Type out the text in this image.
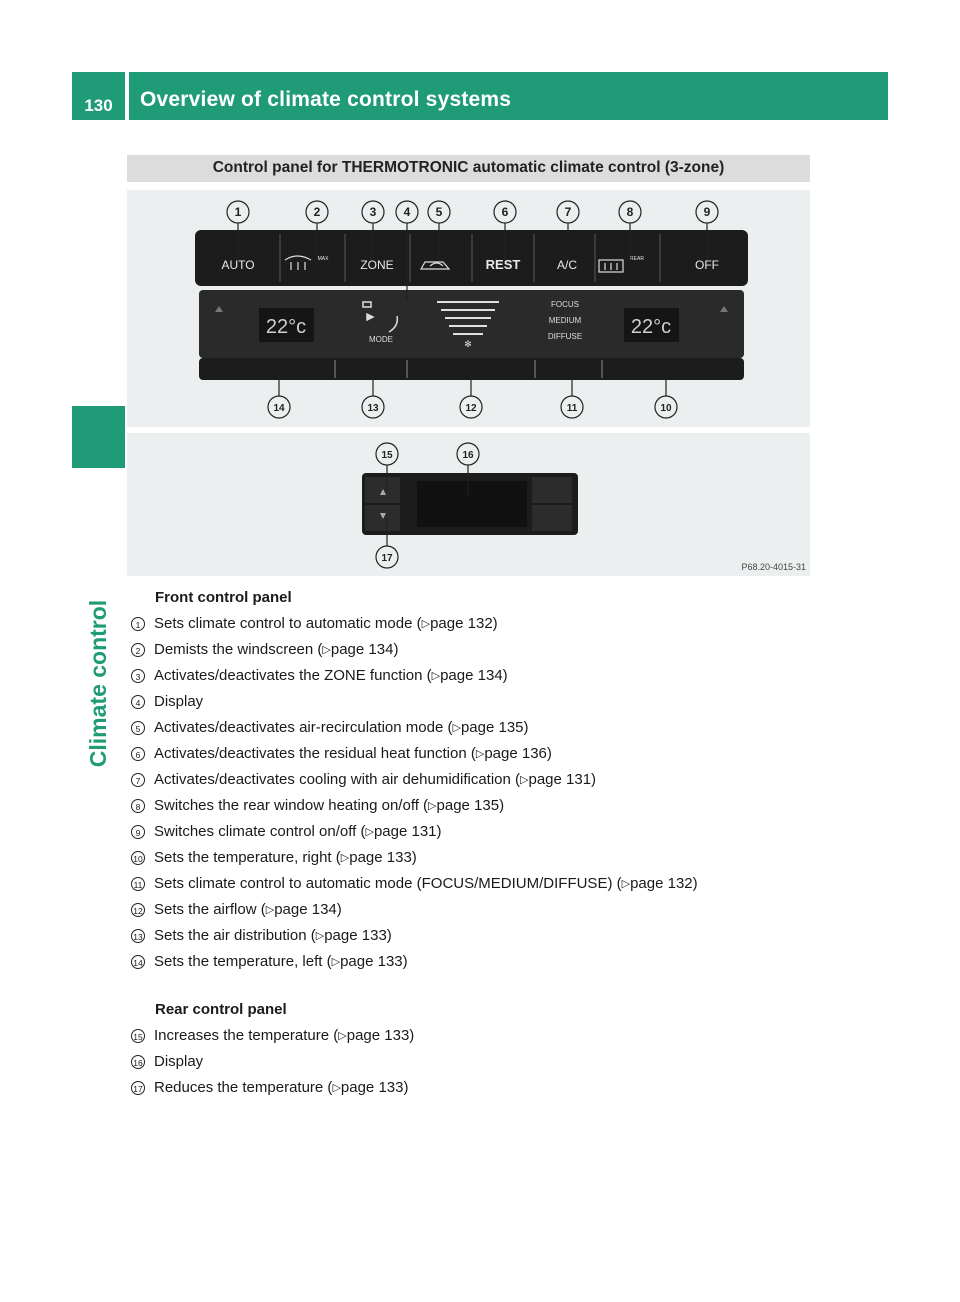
130	Overview of climate control systems
Climate control
Control panel for THERMOTRONIC automatic climate control (3-zone)
AUTO	ZONE	REST	A/C	OFF
MAX	REAR
22°c	22°c
MODE	✻
FOCUS
MEDIUM
DIFFUSE
1	2	3 4 5	6	7	8	9
14	13	12	11	10
15	16
17
P68.20-4015-31
Front control panel
1 Sets climate control to automatic mode ( ▷ page 132)
2 Demists the windscreen ( ▷ page 134)
3 Activates/deactivates the ZONE function ( ▷ page 134)
4 Display
5 Activates/deactivates air-recirculation mode ( ▷ page 135)
6 Activates/deactivates the residual heat function ( ▷ page 136)
7 Activates/deactivates cooling with air dehumidification ( ▷ page 131)
8 Switches the rear window heating on/off ( ▷ page 135)
9 Switches climate control on/off ( ▷ page 131)
10 Sets the temperature, right ( ▷ page 133)
11 Sets climate control to automatic mode (FOCUS/MEDIUM/DIFFUSE) ( ▷ page 132)
12 Sets the airflow ( ▷ page 134)
13 Sets the air distribution ( ▷ page 133)
14 Sets the temperature, left ( ▷ page 133)
Rear control panel
15 Increases the temperature ( ▷ page 133)
16 Display
17 Reduces the temperature ( ▷ page 133)
